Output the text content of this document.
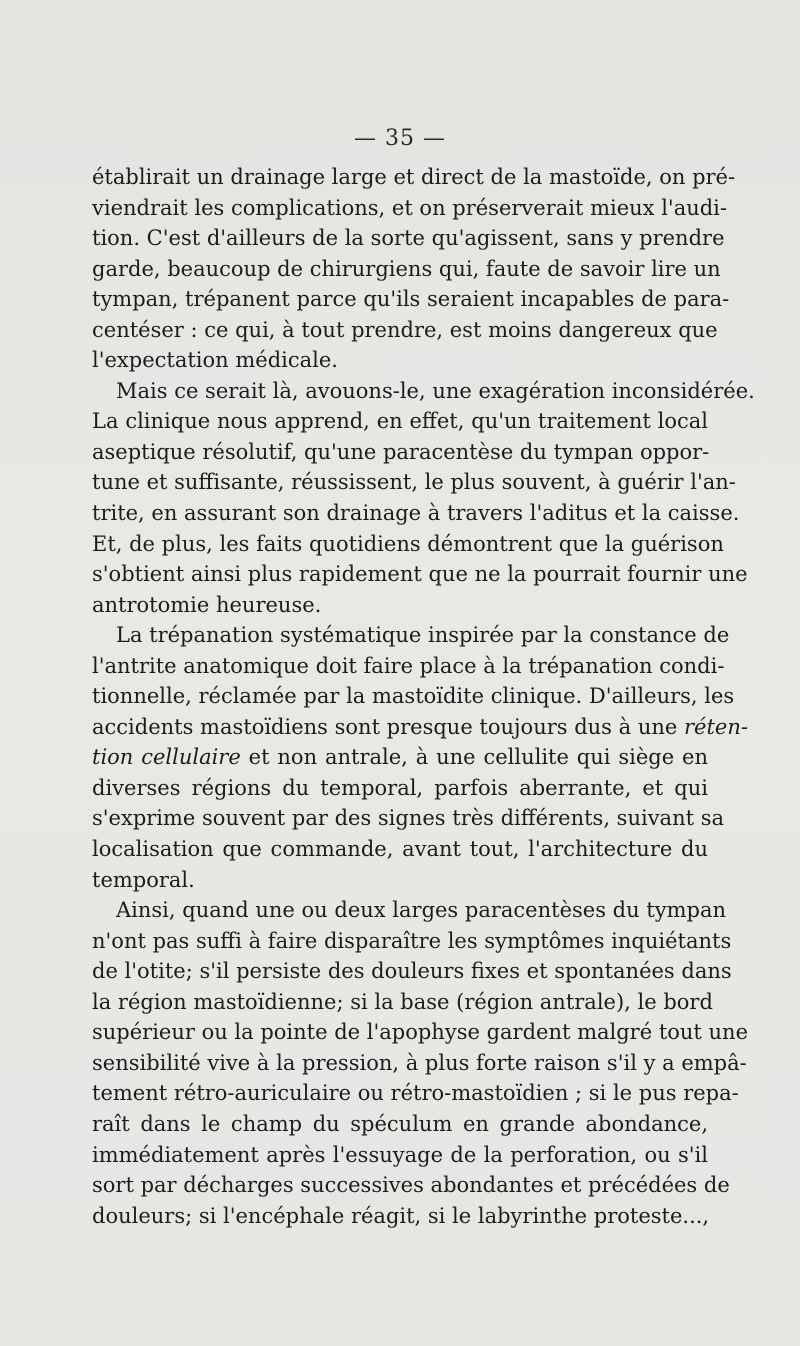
— 35 —
établirait un drainage large et direct de la mastoïde, on pré-
viendrait les complications, et on préserverait mieux l'audi-
tion. C'est d'ailleurs de la sorte qu'agissent, sans y prendre
garde, beaucoup de chirurgiens qui, faute de savoir lire un
tympan, trépanent parce qu'ils seraient incapables de para-
centéser : ce qui, à tout prendre, est moins dangereux que
l'expectation médicale.
Mais ce serait là, avouons-le, une exagération inconsidérée.
La clinique nous apprend, en effet, qu'un traitement local
aseptique résolutif, qu'une paracentèse du tympan oppor-
tune et suffisante, réussissent, le plus souvent, à guérir l'an-
trite, en assurant son drainage à travers l'aditus et la caisse.
Et, de plus, les faits quotidiens démontrent que la guérison
s'obtient ainsi plus rapidement que ne la pourrait fournir une
antrotomie heureuse.
La trépanation systématique inspirée par la constance de
l'antrite anatomique doit faire place à la trépanation condi-
tionnelle, réclamée par la mastoïdite clinique. D'ailleurs, les
accidents mastoïdiens sont presque toujours dus à une réten-
tion cellulaire et non antrale, à une cellulite qui siège en
diverses régions du temporal, parfois aberrante, et qui
s'exprime souvent par des signes très différents, suivant sa
localisation que commande, avant tout, l'architecture du
temporal.
Ainsi, quand une ou deux larges paracentèses du tympan
n'ont pas suffi à faire disparaître les symptômes inquiétants
de l'otite; s'il persiste des douleurs fixes et spontanées dans
la région mastoïdienne; si la base (région antrale), le bord
supérieur ou la pointe de l'apophyse gardent malgré tout une
sensibilité vive à la pression, à plus forte raison s'il y a empâ-
tement rétro-auriculaire ou rétro-mastoïdien ; si le pus repa-
raît dans le champ du spéculum en grande abondance,
immédiatement après l'essuyage de la perforation, ou s'il
sort par décharges successives abondantes et précédées de
douleurs; si l'encéphale réagit, si le labyrinthe proteste...,
